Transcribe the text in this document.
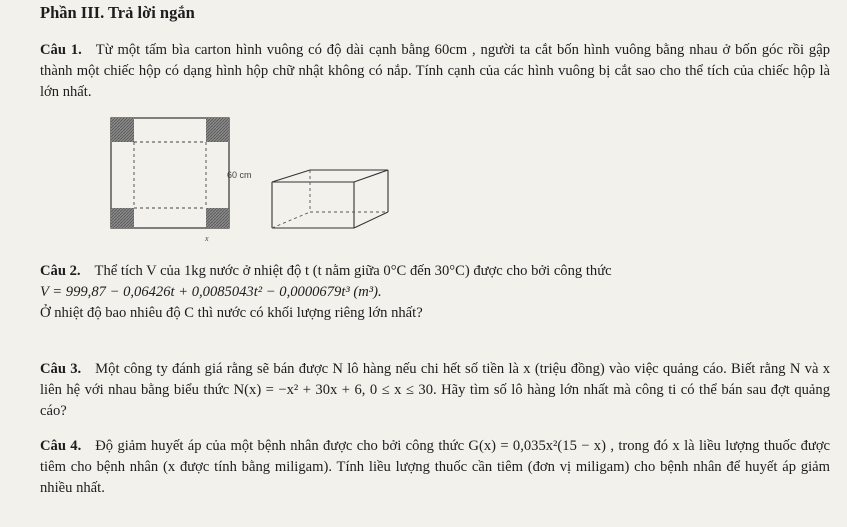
Phần III. Trả lời ngắn
Câu 1. Từ một tấm bìa carton hình vuông có độ dài cạnh bằng 60cm , người ta cắt bốn hình vuông bằng nhau ở bốn góc rồi gập thành một chiếc hộp có dạng hình hộp chữ nhật không có nắp. Tính cạnh của các hình vuông bị cắt sao cho thể tích của chiếc hộp là lớn nhất.
60 cm
x
Câu 2. Thể tích V của 1kg nước ở nhiệt độ t (t nằm giữa 0°C đến 30°C) được cho bởi công thức
V = 999,87 − 0,06426t + 0,0085043t² − 0,0000679t³ (m³).
Ở nhiệt độ bao nhiêu độ C thì nước có khối lượng riêng lớn nhất?
Câu 3. Một công ty đánh giá rằng sẽ bán được N lô hàng nếu chi hết số tiền là x (triệu đồng) vào việc quảng cáo. Biết rằng N và x liên hệ với nhau bằng biểu thức N(x) = −x² + 30x + 6, 0 ≤ x ≤ 30. Hãy tìm số lô hàng lớn nhất mà công ti có thể bán sau đợt quảng cáo?
Câu 4. Độ giảm huyết áp của một bệnh nhân được cho bởi công thức G(x) = 0,035x²(15 − x) , trong đó x là liều lượng thuốc được tiêm cho bệnh nhân (x được tính bằng miligam). Tính liều lượng thuốc cần tiêm (đơn vị miligam) cho bệnh nhân để huyết áp giảm nhiều nhất.
